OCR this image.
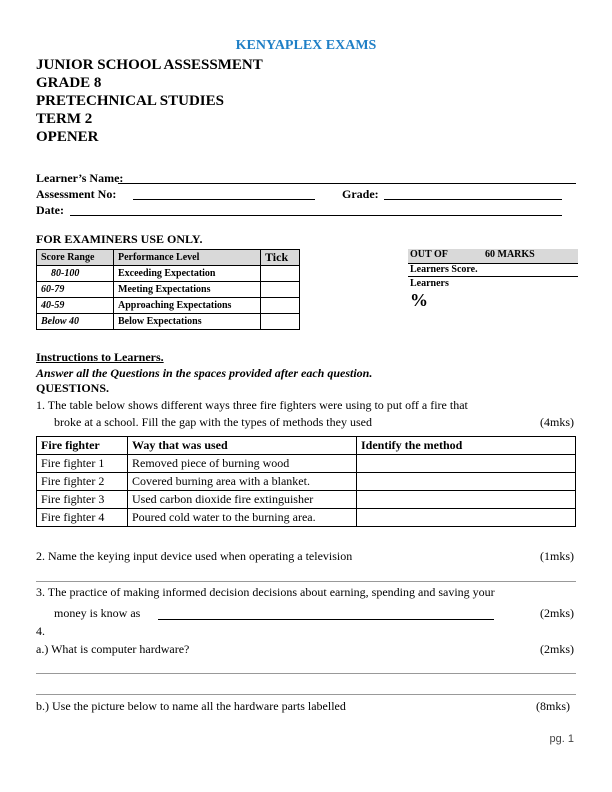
KENYAPLEX EXAMS
JUNIOR SCHOOL ASSESSMENT
GRADE 8
PRETECHNICAL STUDIES
TERM 2
OPENER
Learner’s Name:
Assessment No:	Grade:
Date:
FOR EXAMINERS USE ONLY.
Score Range	Performance Level	Tick
80-100	Exceeding Expectation	
60-79	Meeting Expectations	
40-59	Approaching Expectations	
Below 40	Below Expectations	
OUT OF	60 MARKS
Learners Score.
Learners
%
Instructions to Learners.
Answer all the Questions in the spaces provided after each question.
QUESTIONS.
1. The table below shows different ways three fire fighters were using to put off a fire that
broke at a school. Fill the gap with the types of methods they used	(4mks)
Fire fighter	Way that was used	Identify the method
Fire fighter 1	Removed piece of burning wood	
Fire fighter 2	Covered burning area with a blanket.	
Fire fighter 3	Used carbon dioxide fire extinguisher	
Fire fighter 4	Poured cold water to the burning area.	
2. Name the keying input device used when operating a television	(1mks)
3. The practice of making informed decision decisions about earning, spending and saving your
money is know as	(2mks)
4.
a.) What is computer hardware?	(2mks)
b.) Use the picture below to name all the hardware parts labelled	(8mks)
pg. 1
